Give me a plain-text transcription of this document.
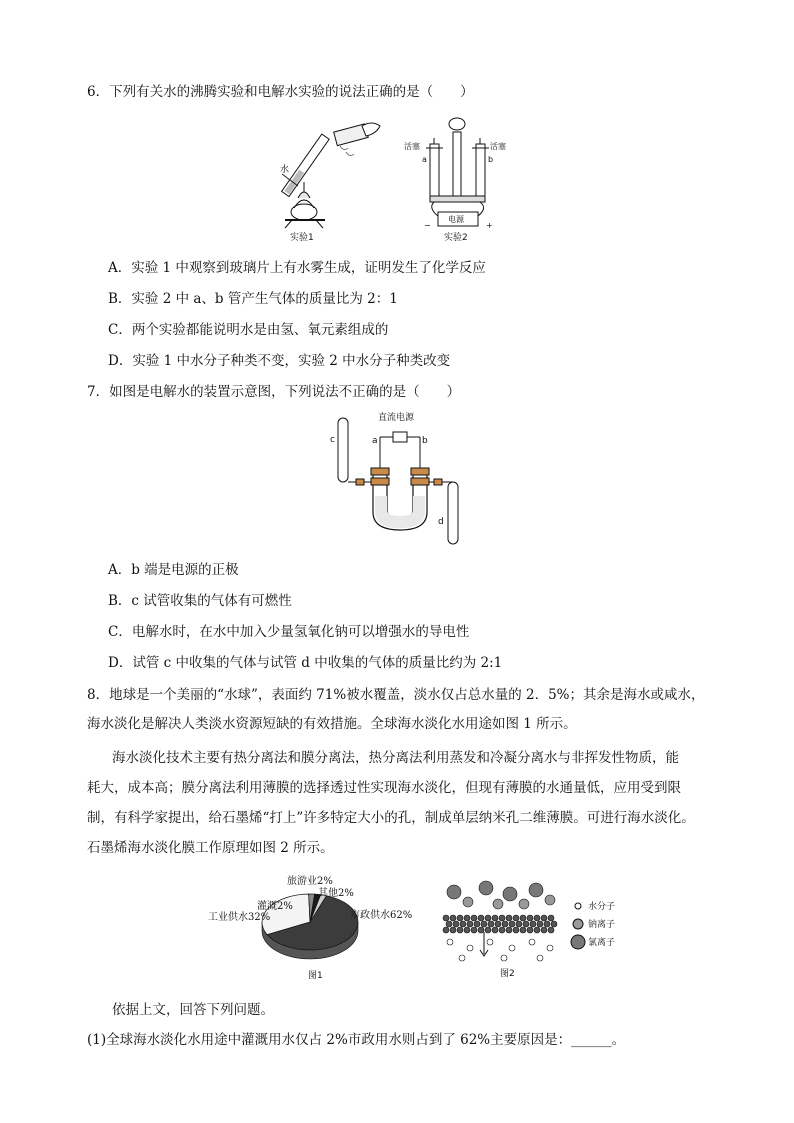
6．下列有关水的沸腾实验和电解水实验的说法正确的是（　　）
水
实验1
活塞	活塞
a	b
电源
−	+
实验2
A．实验 1 中观察到玻璃片上有水雾生成，证明发生了化学反应
B．实验 2 中 a、b 管产生气体的质量比为 2：1
C．两个实验都能说明水是由氢、氧元素组成的
D．实验 1 中水分子种类不变，实验 2 中水分子种类改变
7．如图是电解水的装置示意图，下列说法不正确的是（　　）
直流电源
a	b
c
d
A．b 端是电源的正极
B．c 试管收集的气体有可燃性
C．电解水时，在水中加入少量氢氧化钠可以增强水的导电性
D．试管 c 中收集的气体与试管 d 中收集的气体的质量比约为 2:1
8．地球是一个美丽的“水球”，表面约 71%被水覆盖，淡水仅占总水量的 2．5%；其余是海水或咸水，
海水淡化是解决人类淡水资源短缺的有效措施。全球海水淡化水用途如图 1 所示。
海水淡化技术主要有热分离法和膜分离法，热分离法利用蒸发和冷凝分离水与非挥发性物质，能
耗大，成本高；膜分离法利用薄膜的选择透过性实现海水淡化，但现有薄膜的水通量低，应用受到限
制，有科学家提出，给石墨烯“打上”许多特定大小的孔，制成单层纳米孔二维薄膜。可进行海水淡化。
石墨烯海水淡化膜工作原理如图 2 所示。
图1
市政供水62%
工业供水32%
灌溉2%
旅游业2%
其他2%
水分子
钠离子
氯离子
图2
依据上文，回答下列问题。
(1)全球海水淡化水用途中灌溉用水仅占 2%市政用水则占到了 62%主要原因是：______。
